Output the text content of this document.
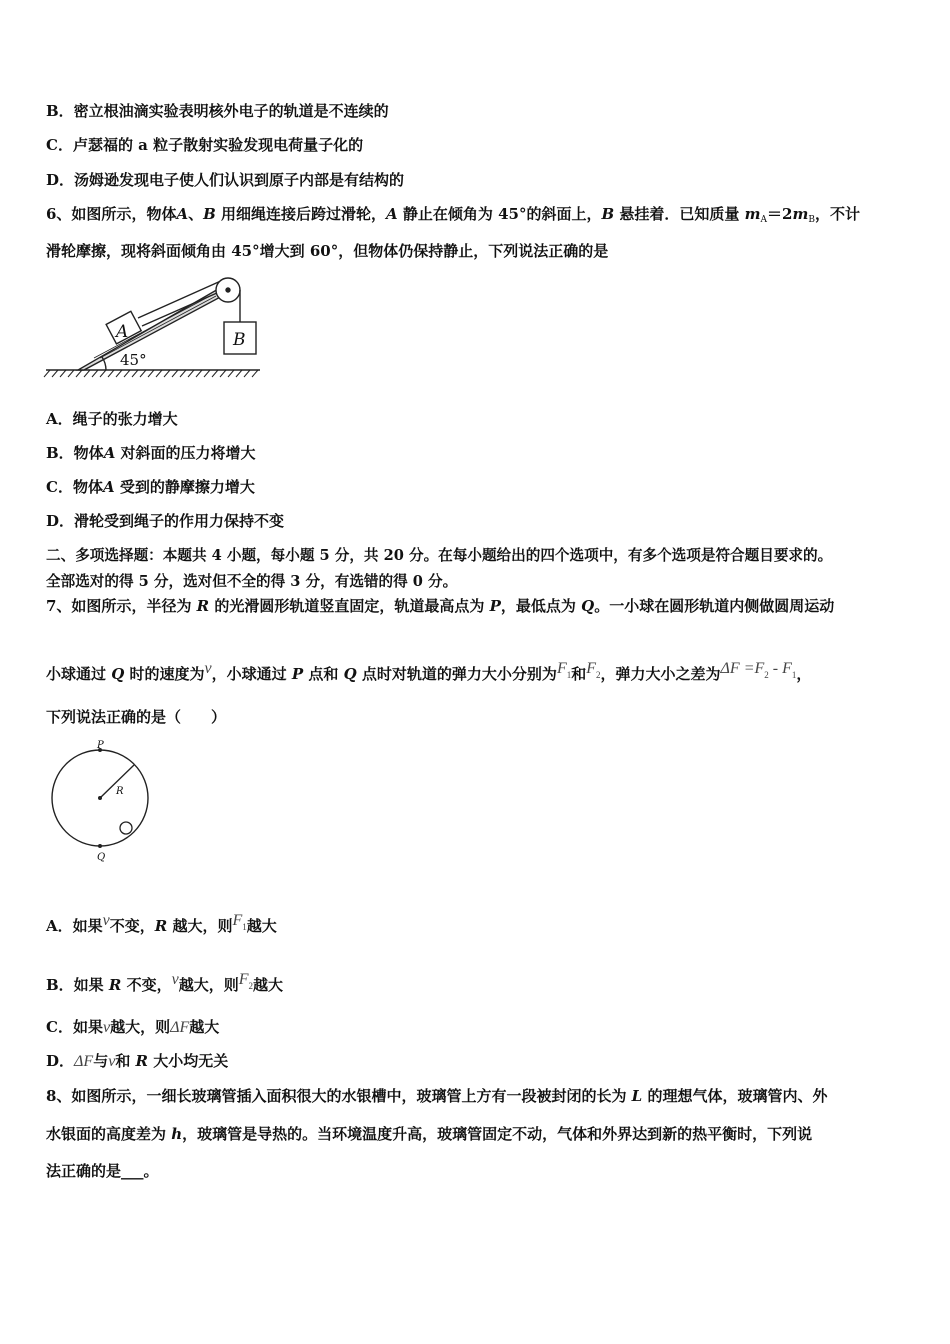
B．密立根油滴实验表明核外电子的轨道是不连续的
C．卢瑟福的 a 粒子散射实验发现电荷量子化的
D．汤姆逊发现电子使人们认识到原子内部是有结构的
6、如图所示，物体A、B 用细绳连接后跨过滑轮，A 静止在倾角为 45°的斜面上，B 悬挂着．已知质量 $m_A=2m_B$，不计
滑轮摩擦，现将斜面倾角由 45°增大到 60°，但物体仍保持静止，下列说法正确的是
A	B
45°
A．绳子的张力增大
B．物体A 对斜面的压力将增大
C．物体A 受到的静摩擦力增大
D．滑轮受到绳子的作用力保持不变
二、多项选择题：本题共 4 小题，每小题 5 分，共 20 分。在每小题给出的四个选项中，有多个选项是符合题目要求的。
全部选对的得 5 分，选对但不全的得 3 分，有选错的得 0 分。
7、如图所示，半径为 R 的光滑圆形轨道竖直固定，轨道最高点为 P，最低点为 Q。一小球在圆形轨道内侧做圆周运动
小球通过 Q 时的速度为v，小球通过 P 点和 Q 点时对轨道的弹力大小分别为$F_1$和$F_2$，弹力大小之差为$\Delta F =F_2 - F_1$，
下列说法正确的是（　　）
P
R
Q
A．如果v不变，R 越大，则$F_1$越大
B．如果 R 不变，v越大，则$F_2$越大
C．如果v越大，则ΔF越大
D．ΔF与v和 R 大小均无关
8、如图所示，一细长玻璃管插入面积很大的水银槽中，玻璃管上方有一段被封闭的长为 L 的理想气体，玻璃管内、外
水银面的高度差为 h，玻璃管是导热的。当环境温度升高，玻璃管固定不动，气体和外界达到新的热平衡时，下列说
法正确的是___。
